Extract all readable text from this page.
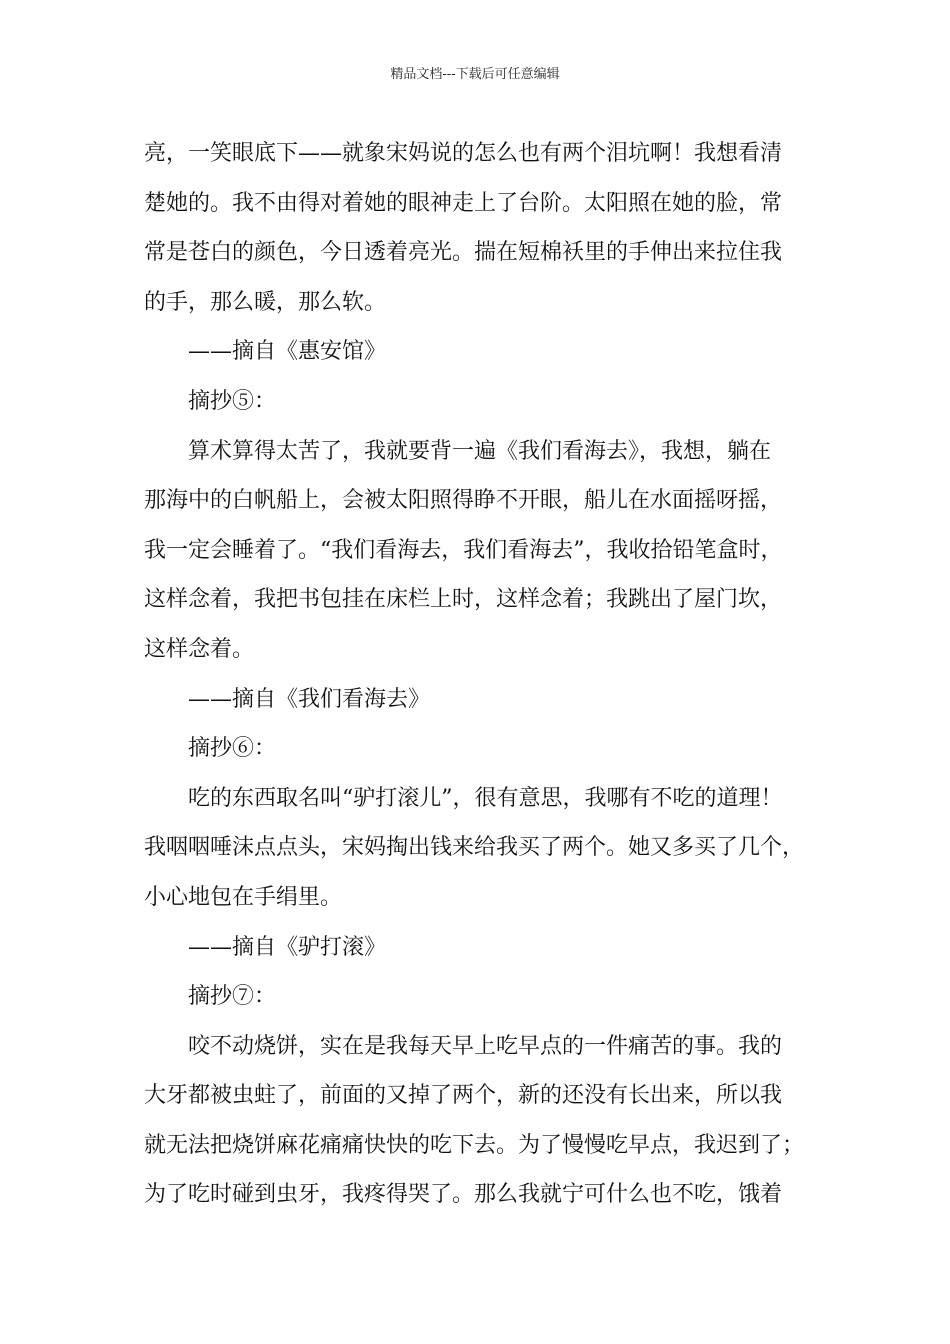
精品文档---下载后可任意编辑
亮，一笑眼底下——就象宋妈说的怎么也有两个泪坑啊！我想看清
楚她的。我不由得对着她的眼神走上了台阶。太阳照在她的脸，常
常是苍白的颜色，今日透着亮光。揣在短棉袄里的手伸出来拉住我
的手，那么暖，那么软。
——摘自《惠安馆》
摘抄⑤：
算术算得太苦了，我就要背一遍《我们看海去》，我想，躺在
那海中的白帆船上，会被太阳照得睁不开眼，船儿在水面摇呀摇，
我一定会睡着了。“我们看海去，我们看海去”，我收拾铅笔盒时，
这样念着，我把书包挂在床栏上时，这样念着；我跳出了屋门坎，
这样念着。
——摘自《我们看海去》
摘抄⑥：
吃的东西取名叫“驴打滚儿”，很有意思，我哪有不吃的道理！
我咽咽唾沫点点头，宋妈掏出钱来给我买了两个。她又多买了几个，
小心地包在手绢里。
——摘自《驴打滚》
摘抄⑦：
咬不动烧饼，实在是我每天早上吃早点的一件痛苦的事。我的
大牙都被虫蛀了，前面的又掉了两个，新的还没有长出来，所以我
就无法把烧饼麻花痛痛快快的吃下去。为了慢慢吃早点，我迟到了；
为了吃时碰到虫牙，我疼得哭了。那么我就宁可什么也不吃，饿着
